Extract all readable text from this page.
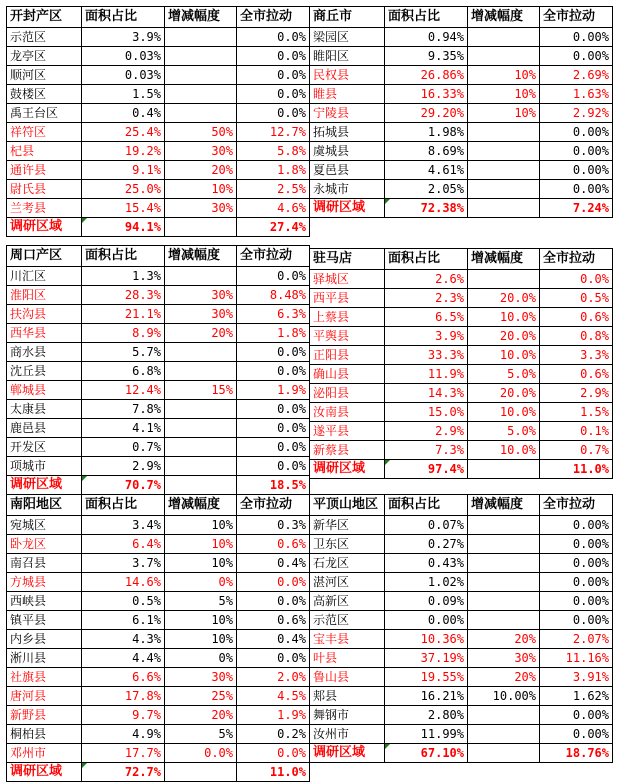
开封产区	面积占比	增减幅度	全市拉动
示范区	3.9%		0.0%
龙亭区	0.03%		0.0%
顺河区	0.03%		0.0%
鼓楼区	1.5%		0.0%
禹王台区	0.4%		0.0%
祥符区	25.4%	50%	12.7%
杞县	19.2%	30%	5.8%
通许县	9.1%	20%	1.8%
尉氏县	25.0%	10%	2.5%
兰考县	15.4%	30%	4.6%
调研区域	94.1%		27.4%
商丘市	面积占比	增减幅度	全市拉动
梁园区	0.94%		0.00%
睢阳区	9.35%		0.00%
民权县	26.86%	10%	2.69%
睢县	16.33%	10%	1.63%
宁陵县	29.20%	10%	2.92%
拓城县	1.98%		0.00%
虞城县	8.69%		0.00%
夏邑县	4.61%		0.00%
永城市	2.05%		0.00%
调研区域	72.38%		7.24%
周口产区	面积占比	增减幅度	全市拉动
川汇区	1.3%		0.0%
淮阳区	28.3%	30%	8.48%
扶沟县	21.1%	30%	6.3%
西华县	8.9%	20%	1.8%
商水县	5.7%		0.0%
沈丘县	6.8%		0.0%
郸城县	12.4%	15%	1.9%
太康县	7.8%		0.0%
鹿邑县	4.1%		0.0%
开发区	0.7%		0.0%
项城市	2.9%		0.0%
调研区域	70.7%		18.5%
驻马店	面积占比	增减幅度	全市拉动
驿城区	2.6%		0.0%
西平县	2.3%	20.0%	0.5%
上蔡县	6.5%	10.0%	0.6%
平舆县	3.9%	20.0%	0.8%
正阳县	33.3%	10.0%	3.3%
确山县	11.9%	5.0%	0.6%
泌阳县	14.3%	20.0%	2.9%
汝南县	15.0%	10.0%	1.5%
遂平县	2.9%	5.0%	0.1%
新蔡县	7.3%	10.0%	0.7%
调研区域	97.4%		11.0%
南阳地区	面积占比	增减幅度	全市拉动
宛城区	3.4%	10%	0.3%
卧龙区	6.4%	10%	0.6%
南召县	3.7%	10%	0.4%
方城县	14.6%	0%	0.0%
西峡县	0.5%	5%	0.0%
镇平县	6.1%	10%	0.6%
内乡县	4.3%	10%	0.4%
淅川县	4.4%	0%	0.0%
社旗县	6.6%	30%	2.0%
唐河县	17.8%	25%	4.5%
新野县	9.7%	20%	1.9%
桐柏县	4.9%	5%	0.2%
邓州市	17.7%	0.0%	0.0%
调研区域	72.7%		11.0%
平顶山地区	面积占比	增减幅度	全市拉动
新华区	0.07%		0.00%
卫东区	0.27%		0.00%
石龙区	0.43%		0.00%
湛河区	1.02%		0.00%
高新区	0.09%		0.00%
示范区	0.00%		0.00%
宝丰县	10.36%	20%	2.07%
叶县	37.19%	30%	11.16%
鲁山县	19.55%	20%	3.91%
郏县	16.21%	10.00%	1.62%
舞钢市	2.80%		0.00%
汝州市	11.99%		0.00%
调研区域	67.10%		18.76%
